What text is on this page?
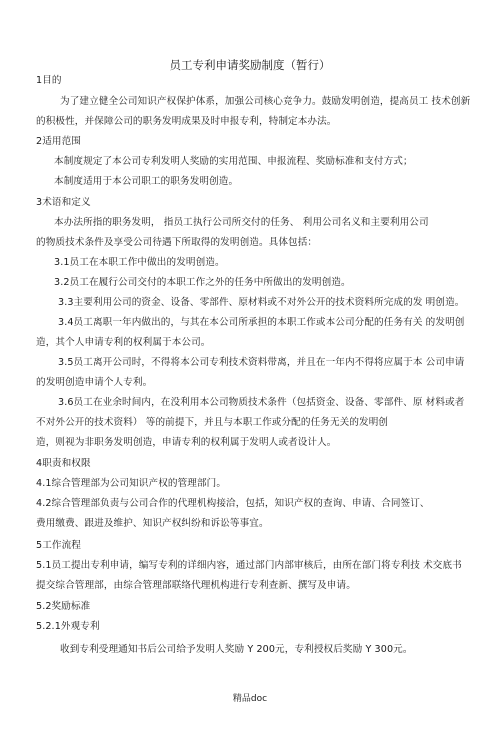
员工专利申请奖励制度（暂行）
1目的
为了建立健全公司知识产权保护体系，加强公司核心竞争力。鼓励发明创造，提高员工 技术创新
的积极性，并保障公司的职务发明成果及时申报专利，特制定本办法。
2适用范围
本制度规定了本公司专利发明人奖励的实用范围、申报流程、奖励标准和支付方式；
本制度适用于本公司职工的职务发明创造。
3术语和定义
本办法所指的职务发明， 指员工执行公司所交付的任务、 利用公司名义和主要利用公司
的物质技术条件及享受公司待遇下所取得的发明创造。具体包括：
3.1员工在本职工作中做出的发明创造。
3.2员工在履行公司交付的本职工作之外的任务中所做出的发明创造。
3.3主要利用公司的资金、设备、零部件、原材料或不对外公开的技术资料所完成的发 明创造。
3.4员工离职一年内做出的，与其在本公司所承担的本职工作或本公司分配的任务有关 的发明创
造，其个人申请专利的权利属于本公司。
3.5员工离开公司时，不得将本公司专利技术资料带离，并且在一年内不得将应属于本 公司申请
的发明创造申请个人专利。
3.6员工在业余时间内，在没利用本公司物质技术条件（包括资金、设备、零部件、原 材料或者
不对外公开的技术资料） 等的前提下，并且与本职工作或分配的任务无关的发明创
造，则视为非职务发明创造，申请专利的权利属于发明人或者设计人。
4职责和权限
4.1综合管理部为公司知识产权的管理部门。
4.2综合管理部负责与公司合作的代理机构接洽，包括，知识产权的查询、申请、合同签订、
费用缴费、跟进及维护、知识产权纠纷和诉讼等事宜。
5工作流程
5.1员工提出专利申请，编写专利的详细内容，通过部门内部审核后，由所在部门将专利技 术交底书
提交综合管理部，由综合管理部联络代理机构进行专利查新、撰写及申请。
5.2奖励标准
5.2.1外观专利
收到专利受理通知书后公司给予发明人奖励 Y 200元，专利授权后奖励 Y 300元。
精品doc
